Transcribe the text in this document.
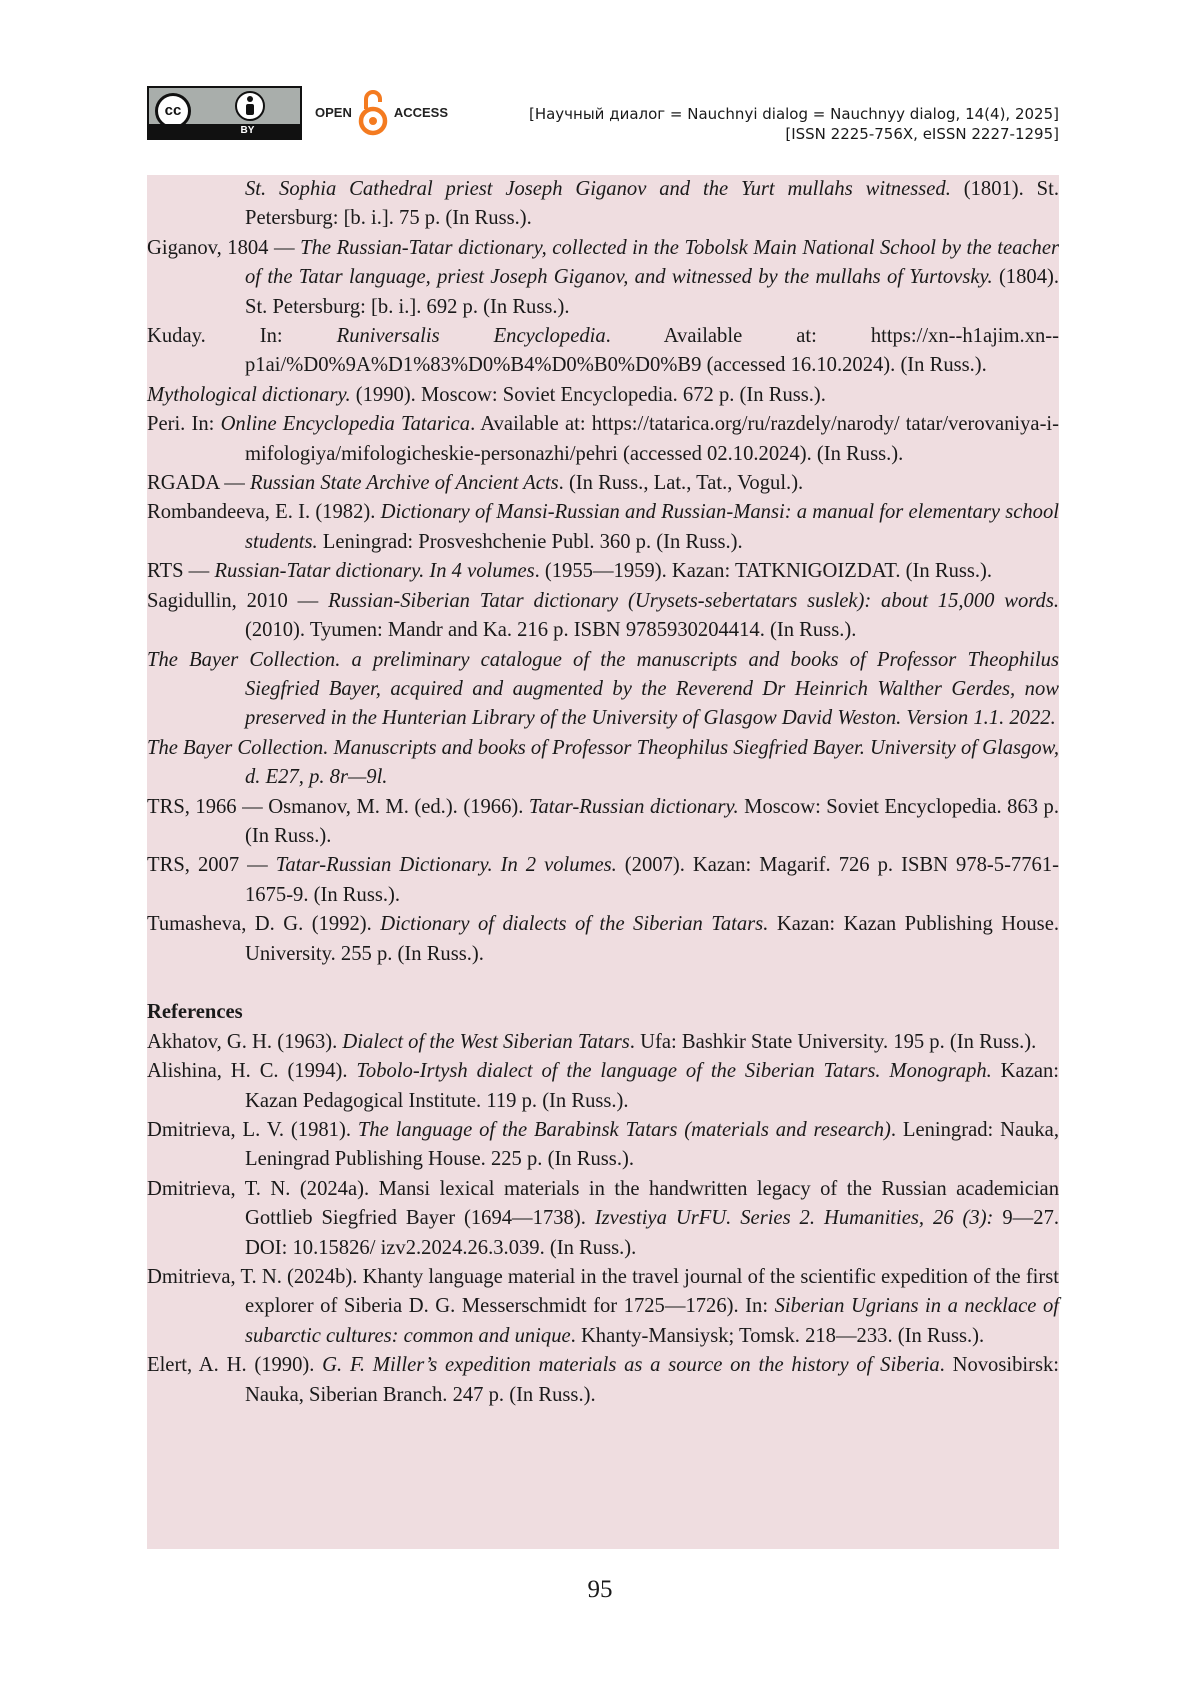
cc
BY
OPEN	ACCESS	[Научный диалог = Nauchnyi dialog = Nauchnyy dialog, 14(4), 2025]
[ISSN 2225-756X, eISSN 2227-1295]

St. Sophia Cathedral priest Joseph Giganov and the Yurt mullahs witnessed. (1801). St. Petersburg: [b. i.]. 75 p. (In Russ.).

Giganov, 1804 — The Russian-Tatar dictionary, collected in the Tobolsk Main National School by the teacher of the Tatar language, priest Joseph Giganov, and witnessed by the mullahs of Yurtovsky. (1804). St. Petersburg: [b. i.]. 692 p. (In Russ.).

Kuday. In: Runiversalis Encyclopedia. Available at: https://xn--h1ajim.xn--p1ai/%D0%9A%D1%83%D0%B4%D0%B0%D0%B9 (accessed 16.10.2024). (In Russ.).

Mythological dictionary. (1990). Moscow: Soviet Encyclopedia. 672 p. (In Russ.).

Peri. In: Online Encyclopedia Tatarica. Available at: https://tatarica.org/ru/razdely/narody/ tatar/verovaniya-i-mifologiya/mifologicheskie-personazhi/pehri (accessed 02.10.2024). (In Russ.).

RGADA — Russian State Archive of Ancient Acts. (In Russ., Lat., Tat., Vogul.).

Rombandeeva, E. I. (1982). Dictionary of Mansi-Russian and Russian-Mansi: a manual for elementary school students. Leningrad: Prosveshchenie Publ. 360 p. (In Russ.).

RTS — Russian-Tatar dictionary. In 4 volumes. (1955—1959). Kazan: TATKNIGOIZDAT. (In Russ.).

Sagidullin, 2010 — Russian-Siberian Tatar dictionary (Urysets-sebertatars suslek): about 15,000 words. (2010). Tyumen: Mandr and Ka. 216 p. ISBN 9785930204414. (In Russ.).

The Bayer Collection. a preliminary catalogue of the manuscripts and books of Professor Theophilus Siegfried Bayer, acquired and augmented by the Reverend Dr Heinrich Walther Gerdes, now preserved in the Hunterian Library of the University of Glasgow David Weston. Version 1.1. 2022.

The Bayer Collection. Manuscripts and books of Professor Theophilus Siegfried Bayer. University of Glasgow, d. E27, p. 8r—9l.

TRS, 1966 — Osmanov, M. M. (ed.). (1966). Tatar-Russian dictionary. Moscow: Soviet Encyclopedia. 863 p. (In Russ.).

TRS, 2007 — Tatar-Russian Dictionary. In 2 volumes. (2007). Kazan: Magarif. 726 p. ISBN 978-5-7761-1675-9. (In Russ.).

Tumasheva, D. G. (1992). Dictionary of dialects of the Siberian Tatars. Kazan: Kazan Publishing House. University. 255 p. (In Russ.).

References

Akhatov, G. H. (1963). Dialect of the West Siberian Tatars. Ufa: Bashkir State University. 195 p. (In Russ.).

Alishina, H. C. (1994). Tobolo-Irtysh dialect of the language of the Siberian Tatars. Monograph. Kazan: Kazan Pedagogical Institute. 119 p. (In Russ.).

Dmitrieva, L. V. (1981). The language of the Barabinsk Tatars (materials and research). Leningrad: Nauka, Leningrad Publishing House. 225 p. (In Russ.).

Dmitrieva, T. N. (2024a). Mansi lexical materials in the handwritten legacy of the Russian academician Gottlieb Siegfried Bayer (1694—1738). Izvestiya UrFU. Series 2. Humanities, 26 (3): 9—27. DOI: 10.15826/ izv2.2024.26.3.039. (In Russ.).

Dmitrieva, T. N. (2024b). Khanty language material in the travel journal of the scientific expedition of the first explorer of Siberia D. G. Messerschmidt for 1725—1726). In: Siberian Ugrians in a necklace of subarctic cultures: common and unique. Khanty-Mansiysk; Tomsk. 218—233. (In Russ.).

Elert, A. H. (1990). G. F. Miller’s expedition materials as a source on the history of Siberia. Novosibirsk: Nauka, Siberian Branch. 247 p. (In Russ.).

95
